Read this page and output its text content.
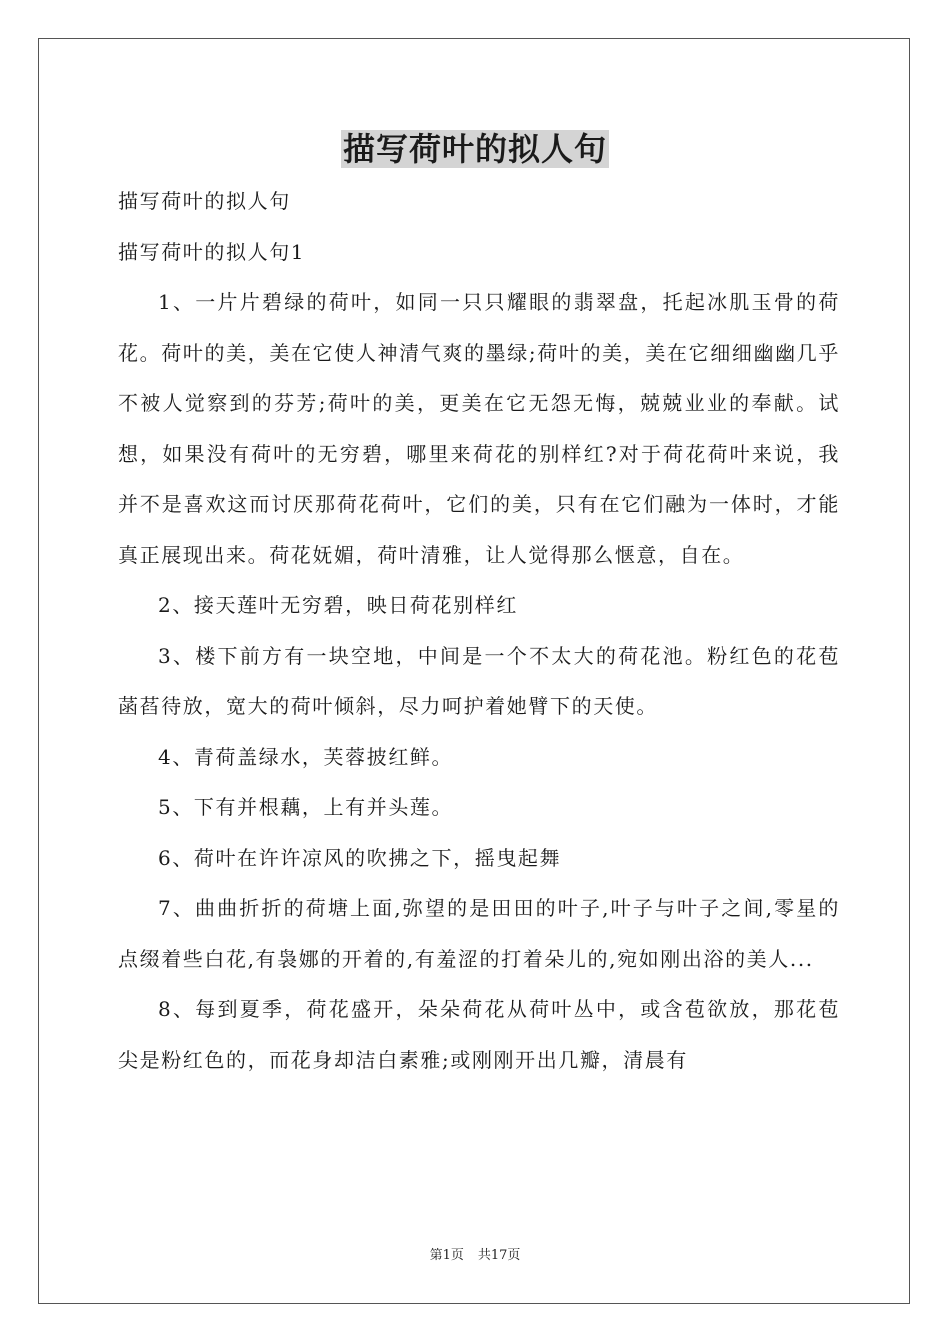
描写荷叶的拟人句

描写荷叶的拟人句

描写荷叶的拟人句1

1、一片片碧绿的荷叶，如同一只只耀眼的翡翠盘，托起冰肌玉骨的荷花。荷叶的美，美在它使人神清气爽的墨绿;荷叶的美，美在它细细幽幽几乎不被人觉察到的芬芳;荷叶的美，更美在它无怨无悔，兢兢业业的奉献。试想，如果没有荷叶的无穷碧，哪里来荷花的别样红?对于荷花荷叶来说，我并不是喜欢这而讨厌那荷花荷叶，它们的美，只有在它们融为一体时，才能真正展现出来。荷花妩媚，荷叶清雅，让人觉得那么惬意，自在。

2、接天莲叶无穷碧，映日荷花别样红

3、楼下前方有一块空地，中间是一个不太大的荷花池。粉红色的花苞菡萏待放，宽大的荷叶倾斜，尽力呵护着她臂下的天使。

4、青荷盖绿水，芙蓉披红鲜。

5、下有并根藕，上有并头莲。

6、荷叶在许许凉风的吹拂之下，摇曳起舞

7、曲曲折折的荷塘上面,弥望的是田田的叶子,叶子与叶子之间,零星的点缀着些白花,有袅娜的开着的,有羞涩的打着朵儿的,宛如刚出浴的美人...

8、每到夏季，荷花盛开，朵朵荷花从荷叶丛中，或含苞欲放，那花苞尖是粉红色的，而花身却洁白素雅;或刚刚开出几瓣，清晨有

第1页 共17页
